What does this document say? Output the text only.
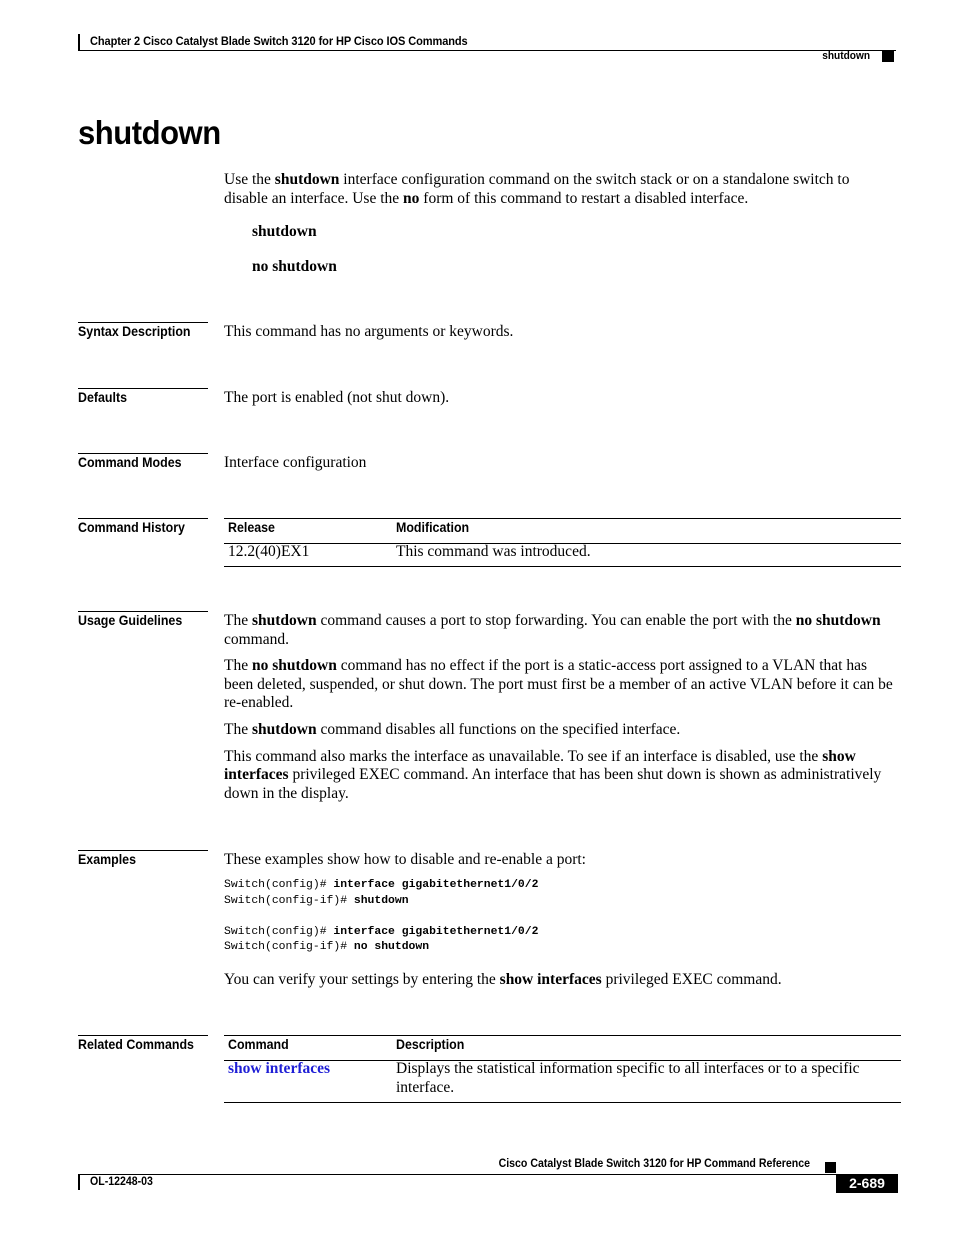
Chapter 2 Cisco Catalyst Blade Switch 3120 for HP Cisco IOS Commands
shutdown
shutdown
Use the shutdown interface configuration command on the switch stack or on a standalone switch to disable an interface. Use the no form of this command to restart a disabled interface.
shutdown
no shutdown
Syntax Description This command has no arguments or keywords.
Defaults	The port is enabled (not shut down).
Command Modes	Interface configuration
Command History	Release	Modification
12.2(40)EX1	This command was introduced.
Usage Guidelines	The shutdown command causes a port to stop forwarding. You can enable the port with the no shutdown command.

The no shutdown command has no effect if the port is a static-access port assigned to a VLAN that has been deleted, suspended, or shut down. The port must first be a member of an active VLAN before it can be re-enabled.

The shutdown command disables all functions on the specified interface.

This command also marks the interface as unavailable. To see if an interface is disabled, use the show interfaces privileged EXEC command. An interface that has been shut down is shown as administratively down in the display.

Examples	These examples show how to disable and re-enable a port:
Switch(config)# interface gigabitethernet1/0/2
Switch(config-if)# shutdown
Switch(config)# interface gigabitethernet1/0/2
Switch(config-if)# no shutdown
You can verify your settings by entering the show interfaces privileged EXEC command.
Related Commands	Command	Description
show interfaces	Displays the statistical information specific to all interfaces or to a specific interface.
Cisco Catalyst Blade Switch 3120 for HP Command Reference
OL-12248-03	2-689
